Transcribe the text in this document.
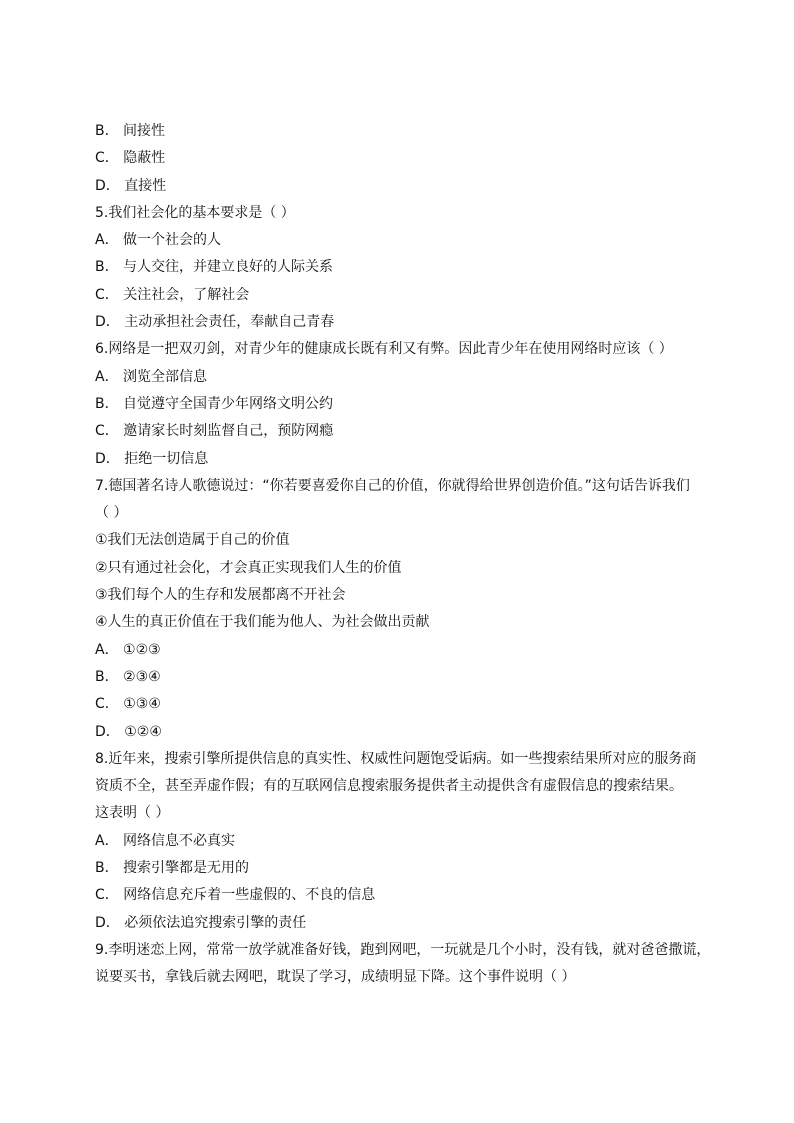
B． 间接性
C． 隐蔽性
D． 直接性
5.我们社会化的基本要求是（ ）
A． 做一个社会的人
B． 与人交往，并建立良好的人际关系
C． 关注社会，了解社会
D． 主动承担社会责任，奉献自己青春
6.网络是一把双刃剑，对青少年的健康成长既有利又有弊。因此青少年在使用网络时应该（ ）
A． 浏览全部信息
B． 自觉遵守全国青少年网络文明公约
C． 邀请家长时刻监督自己，预防网瘾
D． 拒绝一切信息
7.德国著名诗人歌德说过：“你若要喜爱你自己的价值，你就得给世界创造价值。”这句话告诉我们
（ ）
①我们无法创造属于自己的价值
②只有通过社会化，才会真正实现我们人生的价值
③我们每个人的生存和发展都离不开社会
④人生的真正价值在于我们能为他人、为社会做出贡献
A． ①②③
B． ②③④
C． ①③④
D． ①②④
8.近年来，搜索引擎所提供信息的真实性、权威性问题饱受诟病。如一些搜索结果所对应的服务商
资质不全，甚至弄虚作假；有的互联网信息搜索服务提供者主动提供含有虚假信息的搜索结果。
这表明（ ）
A． 网络信息不必真实
B． 搜索引擎都是无用的
C． 网络信息充斥着一些虚假的、不良的信息
D． 必须依法追究搜索引擎的责任
9.李明迷恋上网，常常一放学就准备好钱，跑到网吧，一玩就是几个小时，没有钱，就对爸爸撒谎，
说要买书，拿钱后就去网吧，耽误了学习，成绩明显下降。这个事件说明（ ）
